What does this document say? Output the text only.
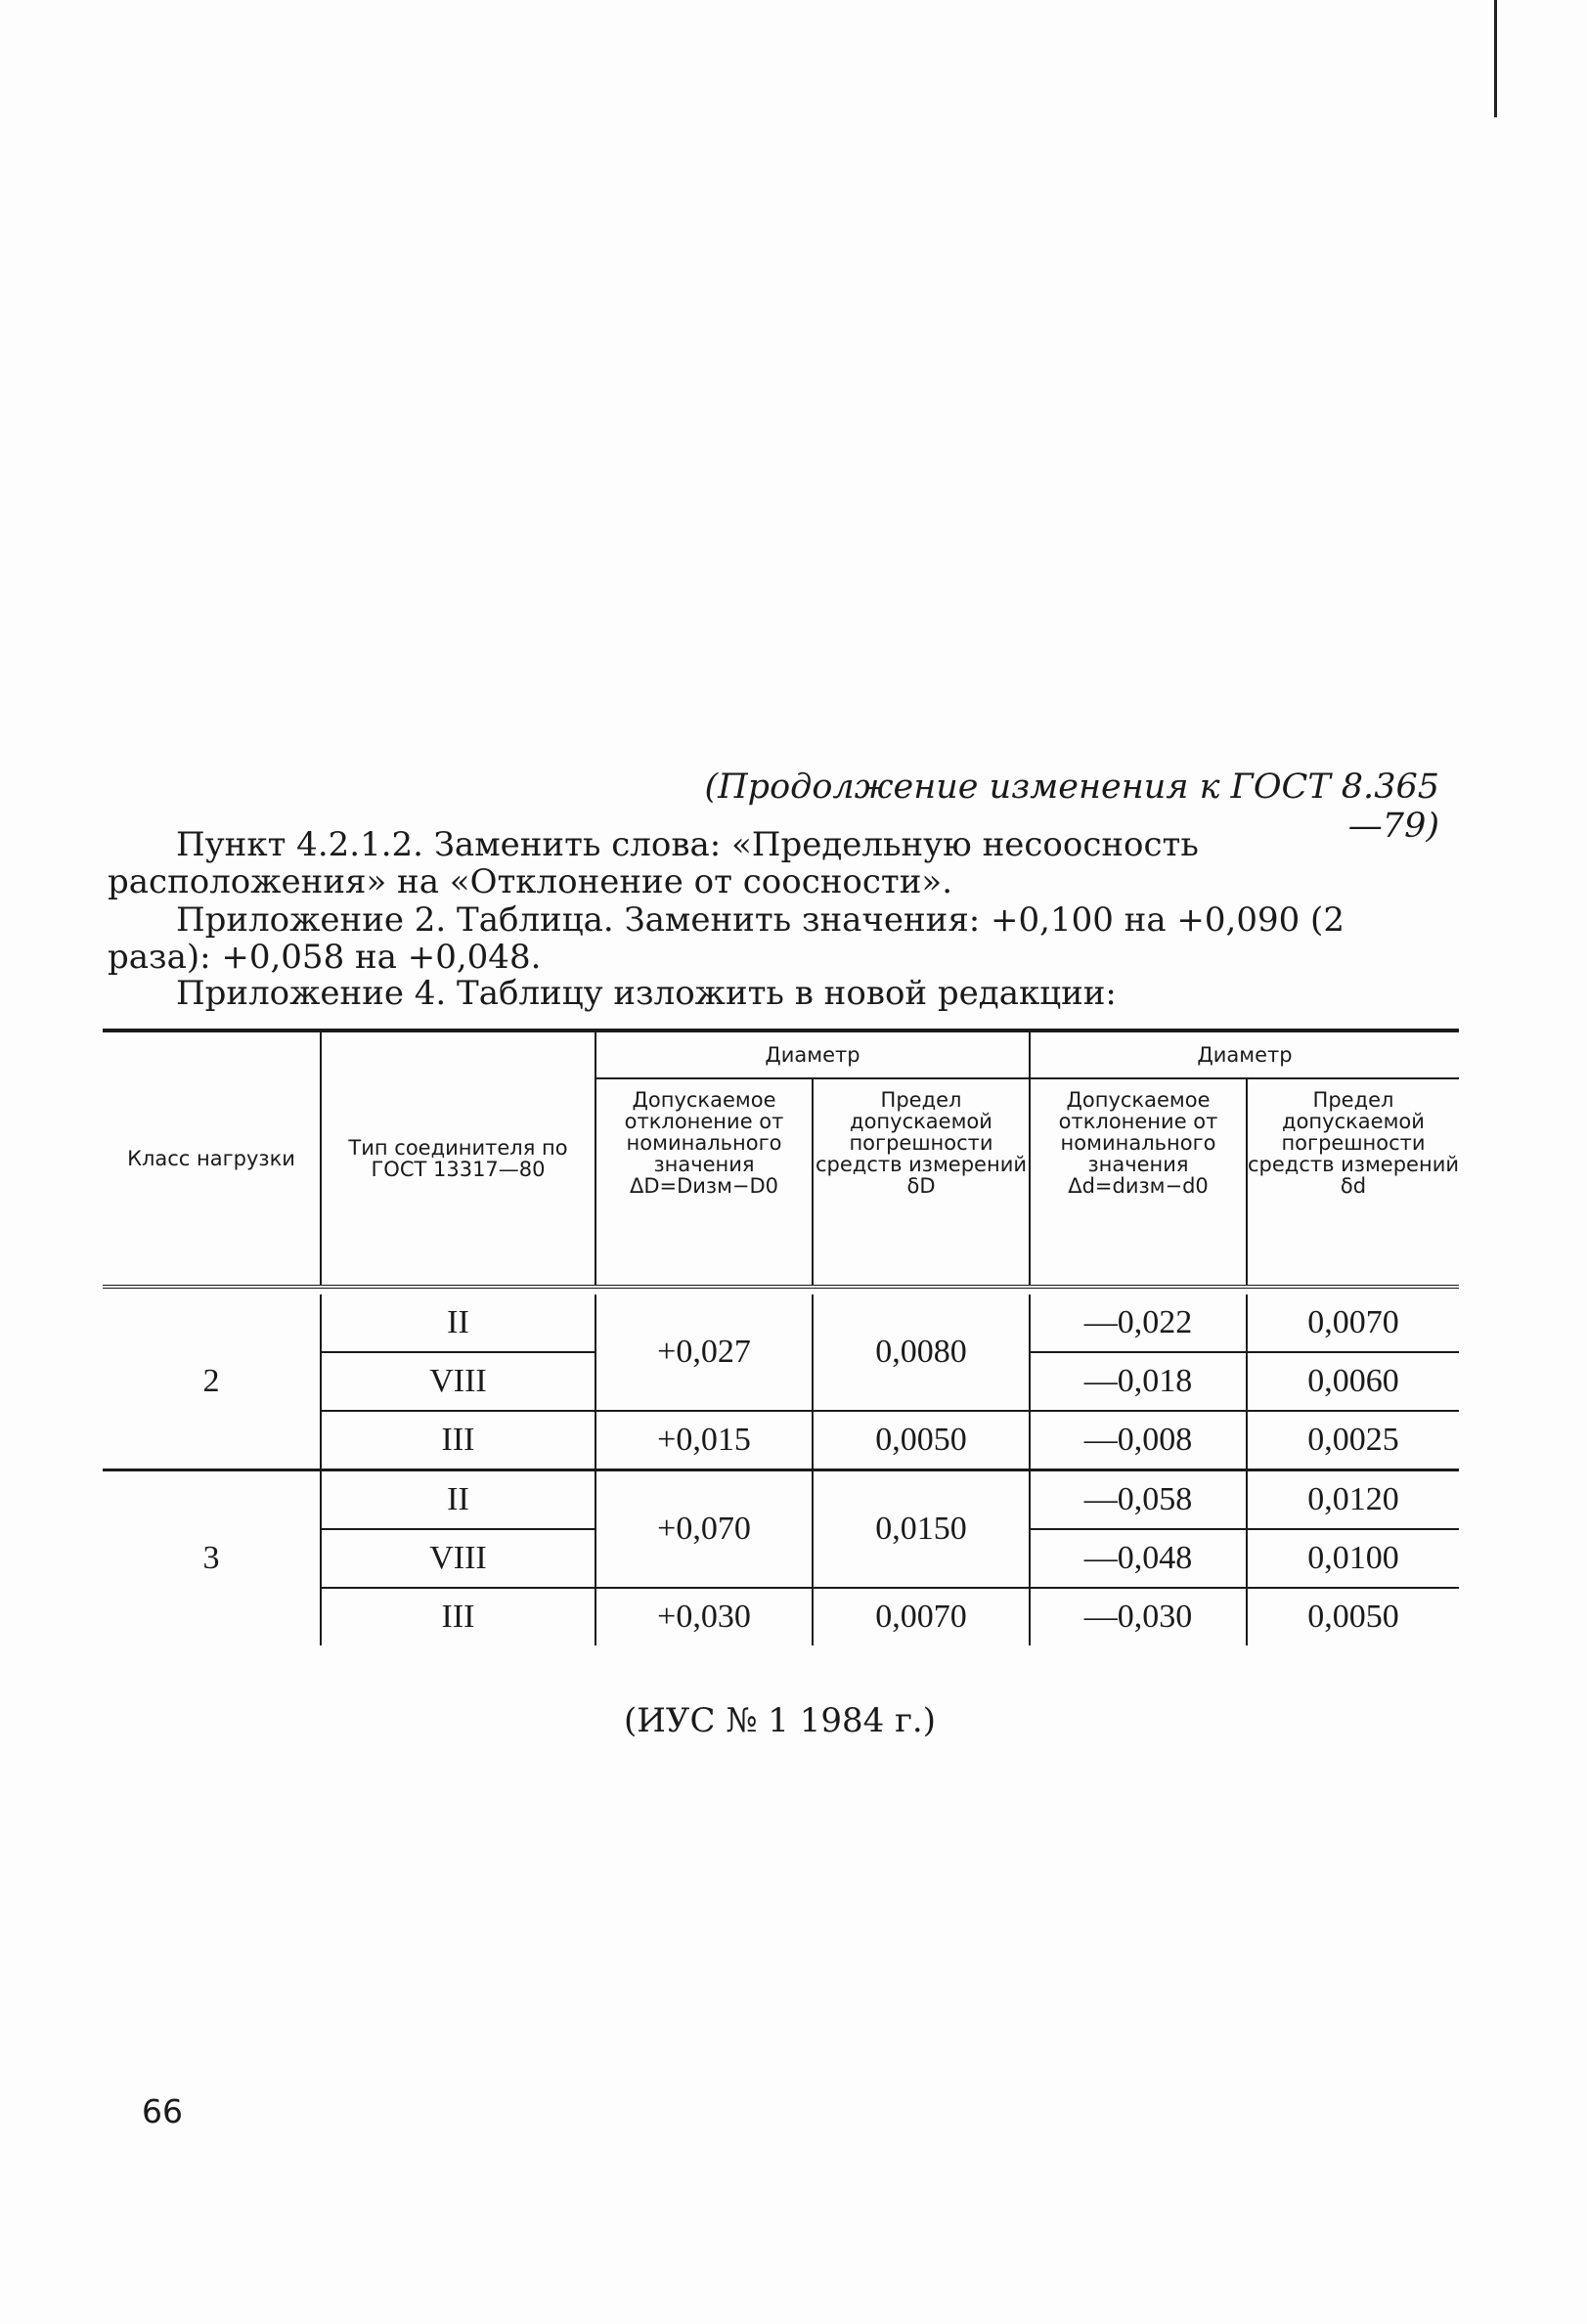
(Продолжение изменения к ГОСТ 8.365—79)
Пункт 4.2.1.2. Заменить слова: «Предельную несоосность расположения» на «Отклонение от соосности».
Приложение 2. Таблица. Заменить значения: +0,100 на +0,090 (2 раза): +0,058 на +0,048.
Приложение 4. Таблицу изложить в новой редакции:

Класс нагрузки	Тип соединителя по ГОСТ 13317—80	Диаметр		Диаметр	
		Допускаемое отклонение от номинального значения ΔD=Dизм−D0	Предел допускаемой погрешности средств измерений δD	Допускаемое отклонение от номинального значения Δd=dизм−d0	Предел допускаемой погрешности средств измерений δd

2	II	+0,027	0,0080	—0,022	0,0070
	VIII			—0,018	0,0060
	III	+0,015	0,0050	—0,008	0,0025

3	II	+0,070	0,0150	—0,058	0,0120
	VIII			—0,048	0,0100
	III	+0,030	0,0070	—0,030	0,0050
(ИУС № 1 1984 г.)
66
